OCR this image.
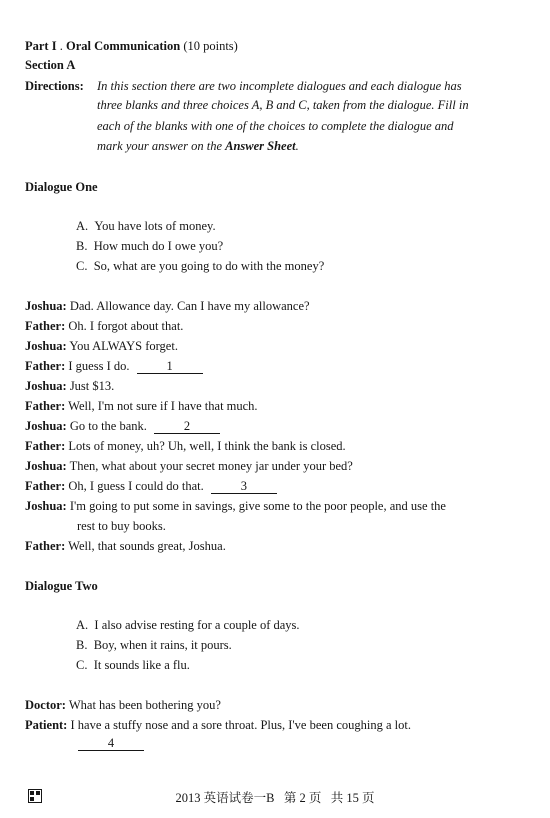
Part I . Oral Communication (10 points)
Section A
Directions: In this section there are two incomplete dialogues and each dialogue has
three blanks and three choices A, B and C, taken from the dialogue. Fill in
each of the blanks with one of the choices to complete the dialogue and
mark your answer on the Answer Sheet.
Dialogue One
A. You have lots of money.
B. How much do I owe you?
C. So, what are you going to do with the money?
Joshua: Dad. Allowance day. Can I have my allowance?
Father: Oh. I forgot about that.
Joshua: You ALWAYS forget.
Father: I guess I do.	1
Joshua: Just $13.
Father: Well, I'm not sure if I have that much.
Joshua: Go to the bank.	2
Father: Lots of money, uh? Uh, well, I think the bank is closed.
Joshua: Then, what about your secret money jar under your bed?
Father: Oh, I guess I could do that.	3
Joshua: I'm going to put some in savings, give some to the poor people, and use the
rest to buy books.
Father: Well, that sounds great, Joshua.
Dialogue Two
A. I also advise resting for a couple of days.
B. Boy, when it rains, it pours.
C. It sounds like a flu.
Doctor: What has been bothering you?
Patient: I have a stuffy nose and a sore throat. Plus, I've been coughing a lot.
4
2013 英语试卷一B 第 2 页 共 15 页
